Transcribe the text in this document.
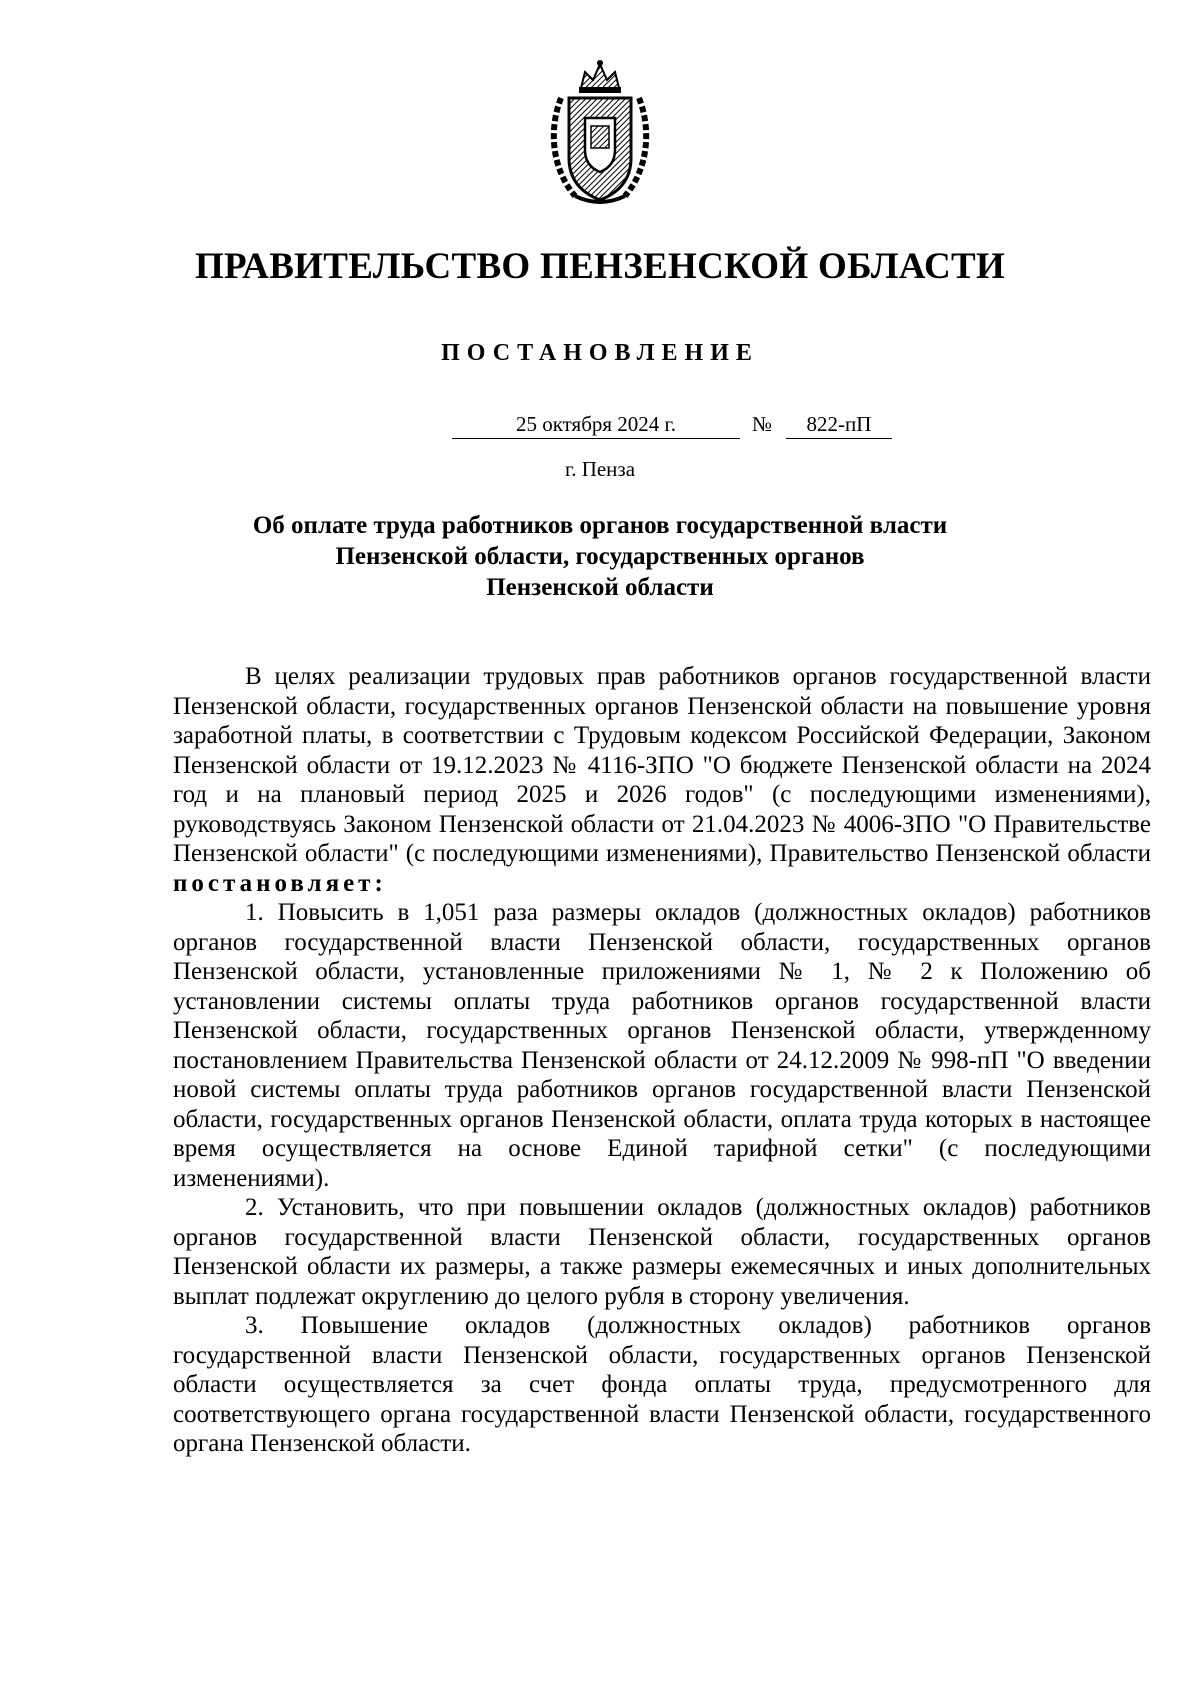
ПРАВИТЕЛЬСТВО ПЕНЗЕНСКОЙ ОБЛАСТИ
ПОСТАНОВЛЕНИЕ
25 октября 2024 г.	№	822-пП
г. Пенза
Об оплате труда работников органов государственной власти
Пензенской области, государственных органов
Пензенской области

В целях реализации трудовых прав работников органов государственной власти Пензенской области, государственных органов Пензенской области на повышение уровня заработной платы, в соответствии с Трудовым кодексом Российской Федерации, Законом Пензенской области от 19.12.2023 № 4116-ЗПО "О бюджете Пензенской области на 2024 год и на плановый период 2025 и 2026 годов" (с последующими изменениями), руководствуясь Законом Пензенской области от 21.04.2023 № 4006-ЗПО "О Правительстве Пензенской области" (с последующими изменениями), Правительство Пензенской области постановляет:

1. Повысить в 1,051 раза размеры окладов (должностных окладов) работников органов государственной власти Пензенской области, государственных органов Пензенской области, установленные приложениями № 1, № 2 к Положению об установлении системы оплаты труда работников органов государственной власти Пензенской области, государственных органов Пензенской области, утвержденному постановлением Правительства Пензенской области от 24.12.2009 № 998-пП "О введении новой системы оплаты труда работников органов государственной власти Пензенской области, государственных органов Пензенской области, оплата труда которых в настоящее время осуществляется на основе Единой тарифной сетки" (с последующими изменениями).

2. Установить, что при повышении окладов (должностных окладов) работников органов государственной власти Пензенской области, государственных органов Пензенской области их размеры, а также размеры ежемесячных и иных дополнительных выплат подлежат округлению до целого рубля в сторону увеличения.

3. Повышение окладов (должностных окладов) работников органов государственной власти Пензенской области, государственных органов Пензенской области осуществляется за счет фонда оплаты труда, предусмотренного для соответствующего органа государственной власти Пензенской области, государственного органа Пензенской области.
